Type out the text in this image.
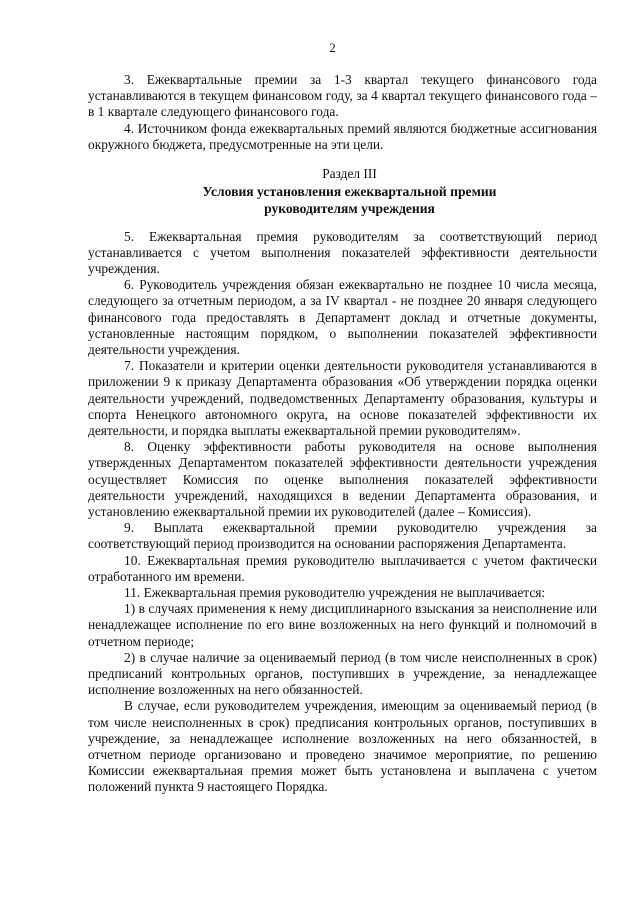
2

3. Ежеквартальные премии за 1-3 квартал текущего финансового года устанавливаются в текущем финансовом году, за 4 квартал текущего финансового года – в 1 квартале следующего финансового года.

4. Источником фонда ежеквартальных премий являются бюджетные ассигнования окружного бюджета, предусмотренные на эти цели.

Раздел III

Условия установления ежеквартальной премии

руководителям учреждения

5. Ежеквартальная премия руководителям за соответствующий период устанавливается с учетом выполнения показателей эффективности деятельности учреждения.

6. Руководитель учреждения обязан ежеквартально не позднее 10 числа месяца, следующего за отчетным периодом, а за IV квартал - не позднее 20 января следующего финансового года предоставлять в Департамент доклад и отчетные документы, установленные настоящим порядком, о выполнении показателей эффективности деятельности учреждения.

7. Показатели и критерии оценки деятельности руководителя устанавливаются в приложении 9 к приказу Департамента образования «Об утверждении порядка оценки деятельности учреждений, подведомственных Департаменту образования, культуры и спорта Ненецкого автономного округа, на основе показателей эффективности их деятельности, и порядка выплаты ежеквартальной премии руководителям».

8. Оценку эффективности работы руководителя на основе выполнения утвержденных Департаментом показателей эффективности деятельности учреждения осуществляет Комиссия по оценке выполнения показателей эффективности деятельности учреждений, находящихся в ведении Департамента образования, и установлению ежеквартальной премии их руководителей (далее – Комиссия).

9. Выплата ежеквартальной премии руководителю учреждения за соответствующий период производится на основании распоряжения Департамента.

10. Ежеквартальная премия руководителю выплачивается с учетом фактически отработанного им времени.

11. Ежеквартальная премия руководителю учреждения не выплачивается:

1) в случаях применения к нему дисциплинарного взыскания за неисполнение или ненадлежащее исполнение по его вине возложенных на него функций и полномочий в отчетном периоде;

2) в случае наличие за оцениваемый период (в том числе неисполненных в срок) предписаний контрольных органов, поступивших в учреждение, за ненадлежащее исполнение возложенных на него обязанностей.

В случае, если руководителем учреждения, имеющим за оцениваемый период (в том числе неисполненных в срок) предписания контрольных органов, поступивших в учреждение, за ненадлежащее исполнение возложенных на него обязанностей, в отчетном периоде организовано и проведено значимое мероприятие, по решению Комиссии ежеквартальная премия может быть установлена и выплачена с учетом положений пункта 9 настоящего Порядка.
